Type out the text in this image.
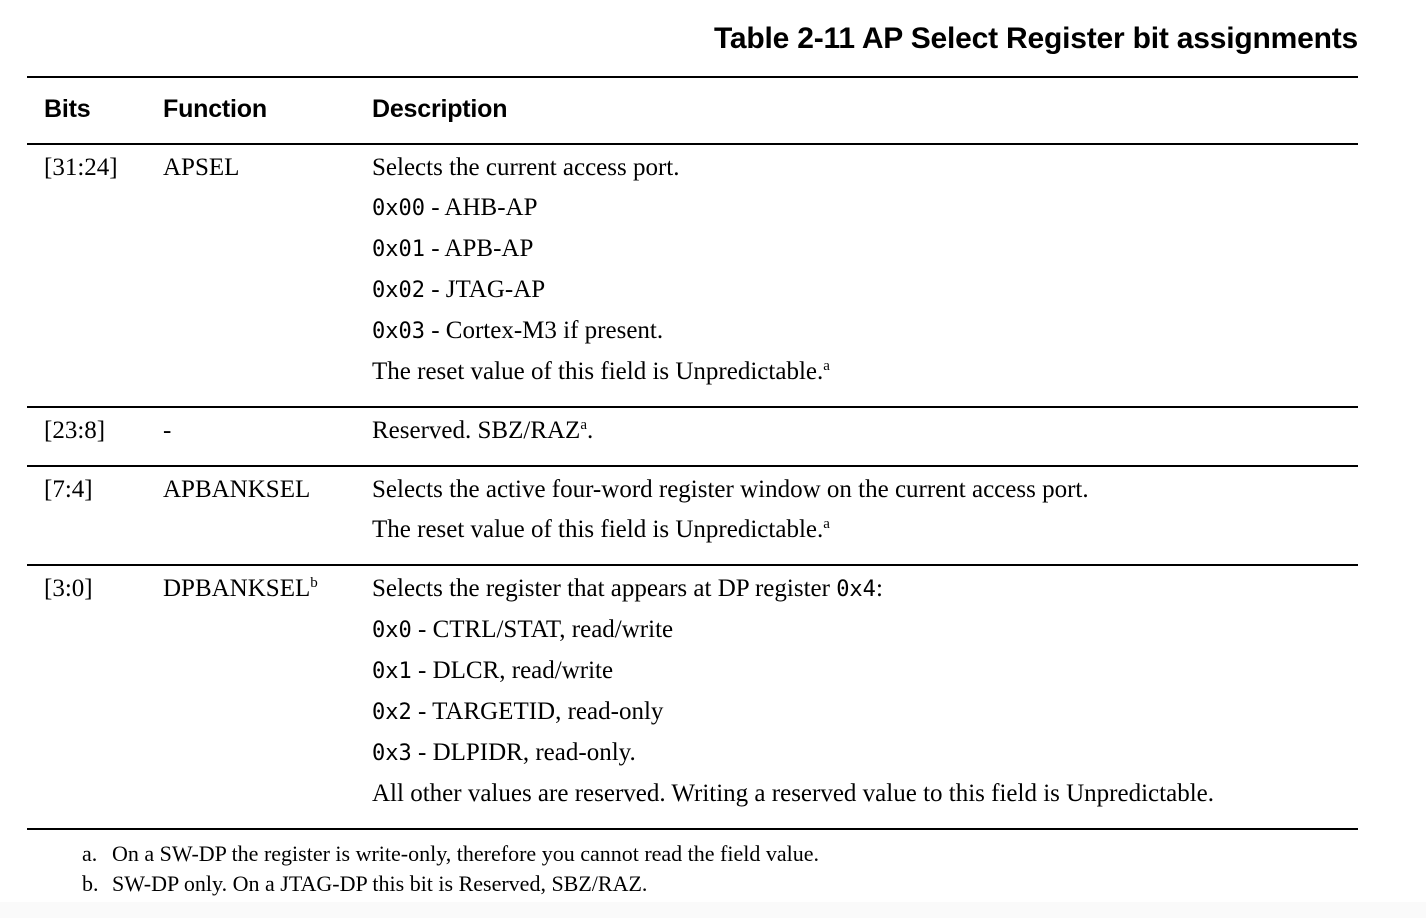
Table 2-11 AP Select Register bit assignments
Bits	Function	Description
[31:24]	APSEL	Selects the current access port.
0x00 - AHB-AP
0x01 - APB-AP
0x02 - JTAG-AP
0x03 - Cortex-M3 if present.
The reset value of this field is Unpredictable.$^a$
[23:8]	-	Reserved. SBZ/RAZ$^a$.
[7:4]	APBANKSEL	Selects the active four-word register window on the current access port.
The reset value of this field is Unpredictable.$^a$
[3:0]	DPBANKSEL$^b$	Selects the register that appears at DP register 0x4:
0x0 - CTRL/STAT, read/write
0x1 - DLCR, read/write
0x2 - TARGETID, read-only
0x3 - DLPIDR, read-only.
All other values are reserved. Writing a reserved value to this field is Unpredictable.
a. On a SW-DP the register is write-only, therefore you cannot read the field value.
b. SW-DP only. On a JTAG-DP this bit is Reserved, SBZ/RAZ.
